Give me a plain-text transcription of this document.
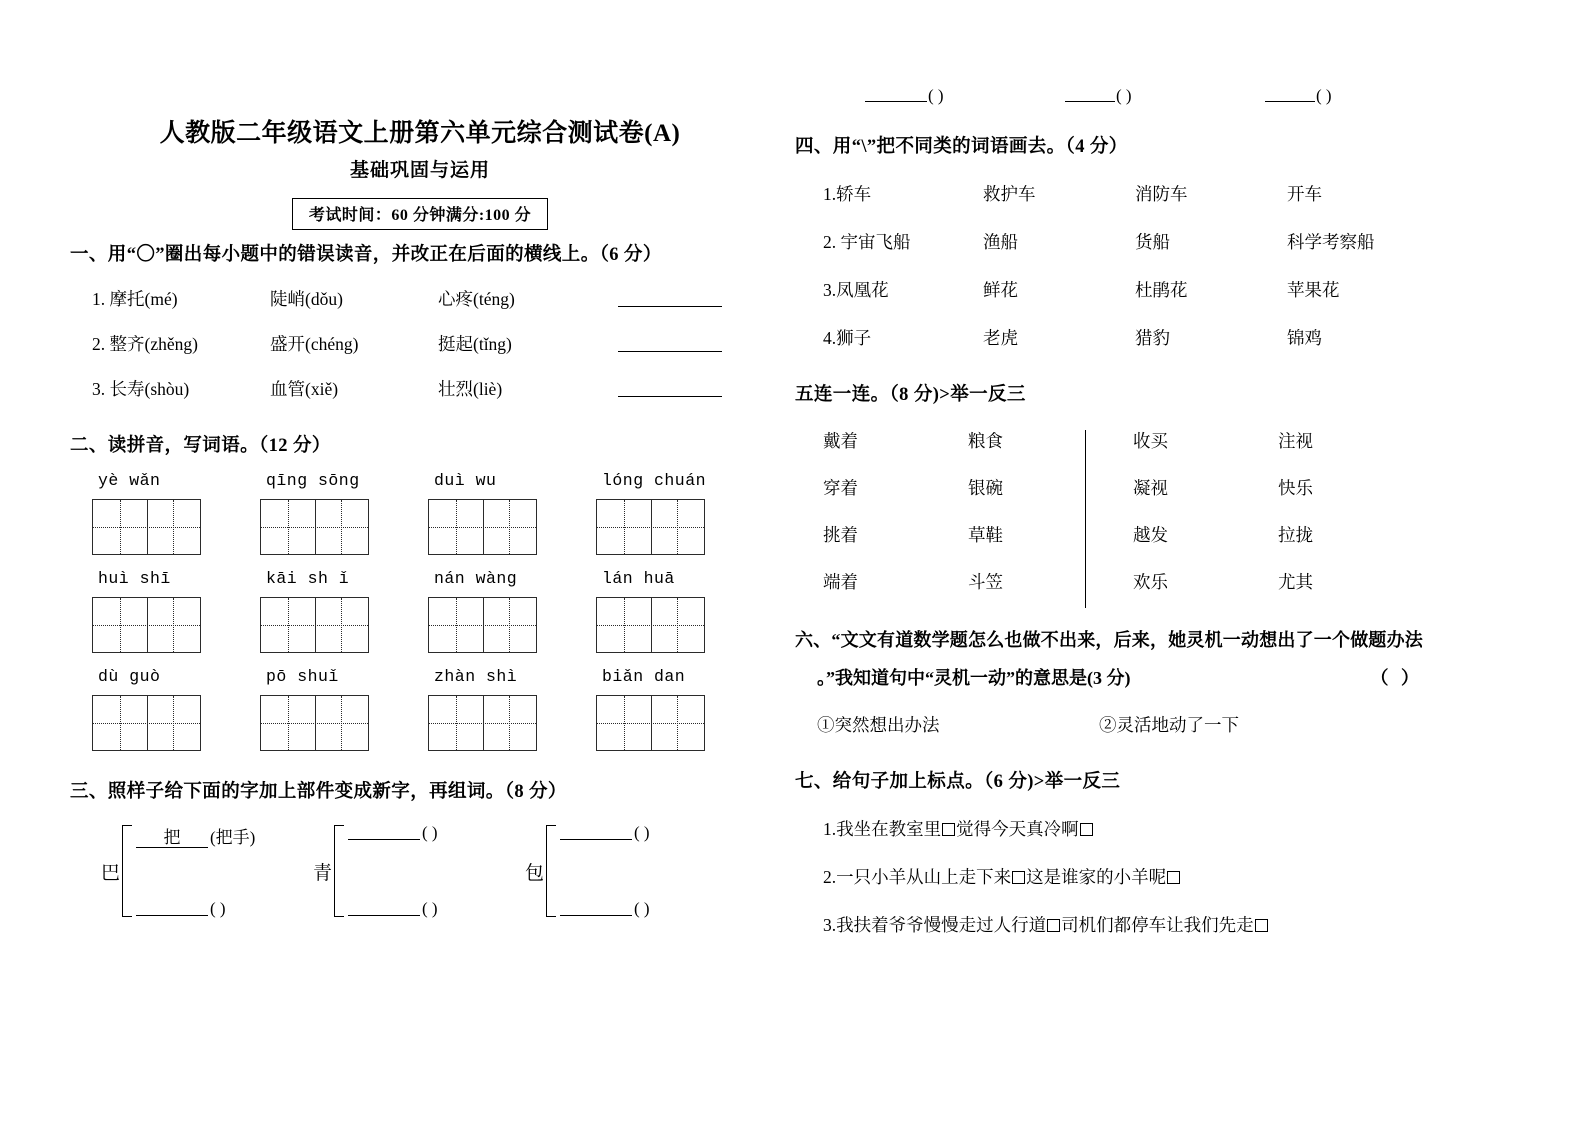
人教版二年级语文上册第六单元综合测试卷(A)
基础巩固与运用
考试时间：60 分钟满分:100 分
一、用“〇”圈出每小题中的错误读音，并改正在后面的横线上。（6 分）
1. 摩托(mé)	陡峭(dǒu)	心疼(téng)
2. 整齐(zhěng)	盛开(chéng)	挺起(tǐng)
3. 长寿(shòu)	血管(xiě)	壮烈(liè)
二、读拼音，写词语。（12 分）
yè wǎn	qīng sōng	duì wu	lóng chuán
huì shī	kāi sh ǐ	nán wàng	lán huā
dù guò	pō shuǐ	zhàn shì	biǎn dan
三、照样子给下面的字加上部件变成新字，再组词。（8 分）
巴
把	(把手)
( )
青
( )
( )
包
( )
( )
( )	( )	( )
四、用“\”把不同类的词语画去。（4 分）
1.轿车	救护车	消防车	开车
2. 宇宙飞船	渔船	货船	科学考察船
3.凤凰花	鲜花	杜鹃花	苹果花
4.狮子	老虎	猎豹	锦鸡
五连一连。（8 分)>举一反三
戴着	粮食	收买	注视
穿着	银碗	凝视	快乐
挑着	草鞋	越发	拉拢
端着	斗笠	欢乐	尤其
六、“文文有道数学题怎么也做不出来，后来，她灵机一动想出了一个做题办法
。”我知道句中“灵机一动”的意思是(3 分)	（ ）
①突然想出办法	②灵活地动了一下
七、给句子加上标点。（6 分)>举一反三
1.我坐在教室里 觉得今天真冷啊
2.一只小羊从山上走下来 这是谁家的小羊呢
3.我扶着爷爷慢慢走过人行道 司机们都停车让我们先走
